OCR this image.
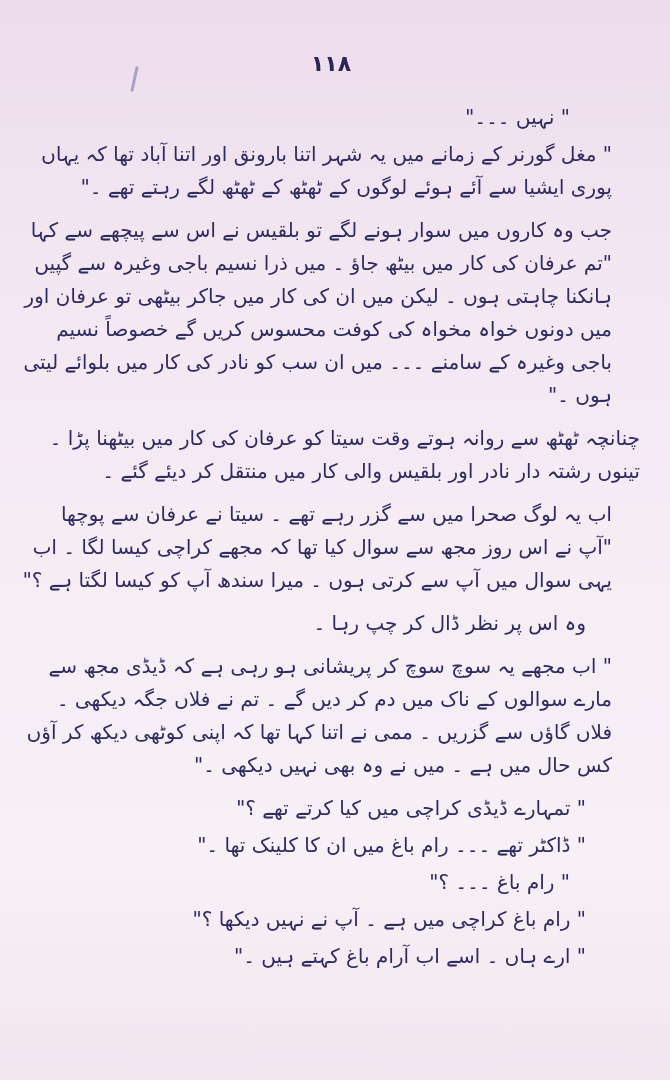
۱۱۸

" نہیں ۔۔۔"

" مغل گورنر کے زمانے میں یہ شہر اتنا بارونق اور اتنا آباد تھا کہ یہاں پوری ایشیا سے آئے ہوئے لوگوں کے ٹھٹھ کے ٹھٹھ لگے رہتے تھے ۔"

جب وہ کاروں میں سوار ہونے لگے تو بلقیس نے اس سے پیچھے سے کہا "تم عرفان کی کار میں بیٹھ جاؤ ۔ میں ذرا نسیم باجی وغیرہ سے گپیں ہانکنا چاہتی ہوں ۔ لیکن میں ان کی کار میں جاکر بیٹھی تو عرفان اور میں دونوں خواہ مخواہ کی کوفت محسوس کریں گے خصوصاً نسیم باجی وغیرہ کے سامنے ۔۔۔ میں ان سب کو نادر کی کار میں بلوائے لیتی ہوں ۔"

چنانچہ ٹھٹھ سے روانہ ہوتے وقت سیتا کو عرفان کی کار میں بیٹھنا پڑا ۔ تینوں رشتہ دار نادر اور بلقیس والی کار میں منتقل کر دیئے گئے ۔

اب یہ لوگ صحرا میں سے گزر رہے تھے ۔ سیتا نے عرفان سے پوچھا "آپ نے اس روز مجھ سے سوال کیا تھا کہ مجھے کراچی کیسا لگا ۔ اب یہی سوال میں آپ سے کرتی ہوں ۔ میرا سندھ آپ کو کیسا لگتا ہے ؟"

وہ اس پر نظر ڈال کر چپ رہا ۔

" اب مجھے یہ سوچ سوچ کر پریشانی ہو رہی ہے کہ ڈیڈی مجھ سے مارے سوالوں کے ناک میں دم کر دیں گے ۔ تم نے فلاں جگہ دیکھی ۔ فلاں گاؤں سے گزریں ۔ ممی نے اتنا کہا تھا کہ اپنی کوٹھی دیکھ کر آؤں کس حال میں ہے ۔ میں نے وہ بھی نہیں دیکھی ۔"

" تمہارے ڈیڈی کراچی میں کیا کرتے تھے ؟"

" ڈاکٹر تھے ۔۔۔ رام باغ میں ان کا کلینک تھا ۔"

" رام باغ ۔۔۔ ؟"

" رام باغ کراچی میں ہے ۔ آپ نے نہیں دیکھا ؟"

" ارے ہاں ۔ اسے اب آرام باغ کہتے ہیں ۔"
